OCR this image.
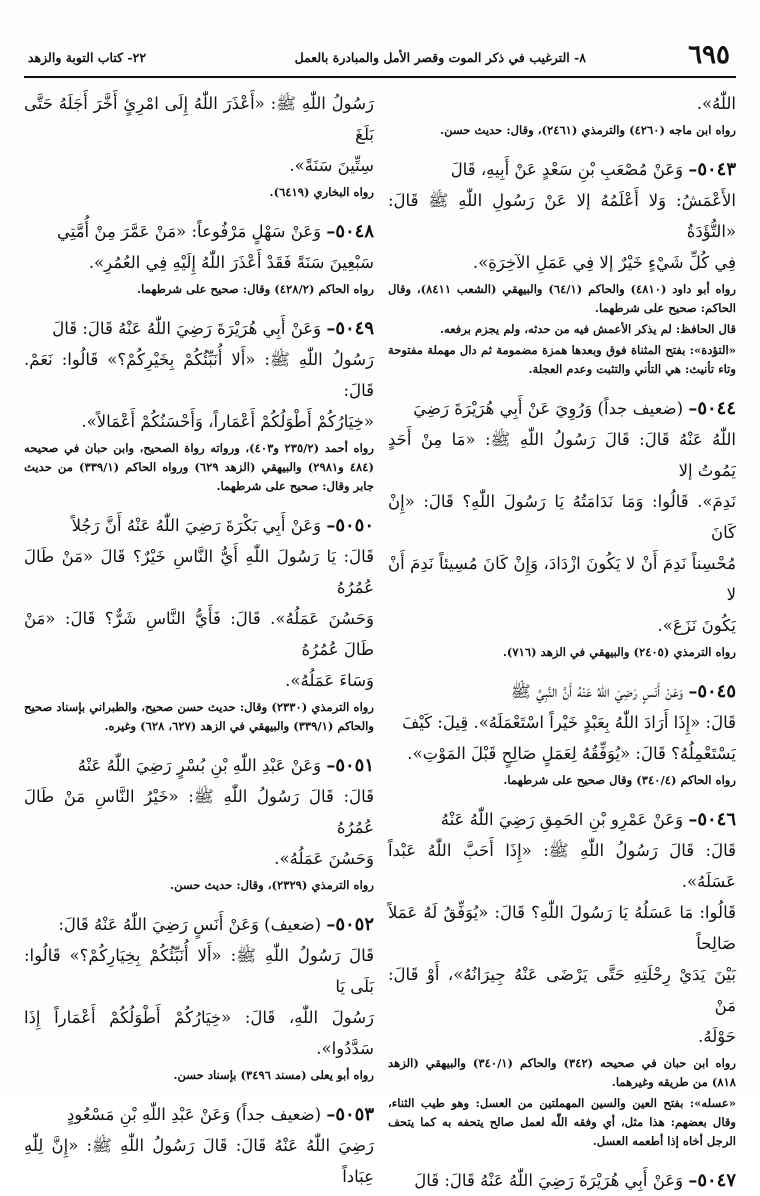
٦٩٥
٨- الترغيب في ذكر الموت وقصر الأمل والمبادرة بالعمل
٢٢- كتاب التوبة والزهد

اللّٰهُ».

رواه ابن ماجه (٤٢٦٠) والترمذي (٢٤٦١)، وقال: حديث حسن.

٥٠٤٣– وَعَنْ مُصْعَبِ بْنِ سَعْدٍ عَنْ أَبِيهِ، قَالَ

الأَعْمَشُ: وَلا أَعْلَمُهُ إلا عَنْ رَسُولِ اللّٰهِ ﷺ قَالَ: «التُّؤَدَةُ

فِي كُلِّ شَيْءٍ خَيْرٌ إلا فِي عَمَلِ الآخِرَةِ».

رواه أبو داود (٤٨١٠) والحاكم (٦٤/١) والبيهقي (الشعب ٨٤١١)، وقال الحاكم: صحيح على شرطهما.

قال الحافظ: لم يذكر الأعمش فيه من حدثه، ولم يجزم برفعه.

«التؤدة»: بفتح المثناة فوق وبعدها همزة مضمومة ثم دال مهملة مفتوحة وتاء تأنيث: هي التأني والتثبت وعدم العجلة.

٥٠٤٤– (ضعيف جداً) وَرُوِيَ عَنْ أَبِي هُرَيْرَةَ رَضِيَ

اللّٰهُ عَنْهُ قَالَ: قَالَ رَسُولُ اللّٰهِ ﷺ: «مَا مِنْ أَحَدٍ يَمُوتُ إلا

نَدِمَ». قَالُوا: وَمَا نَدَامَتُهُ يَا رَسُولَ اللّٰهِ؟ قَالَ: «إِنْ كَانَ

مُحْسِناً نَدِمَ أَنْ لا يَكُونَ ازْدَادَ، وَإِنْ كَانَ مُسِيئاً نَدِمَ أَنْ لا

يَكُونَ نَزَعَ».

رواه الترمذي (٢٤٠٥) والبيهقي في الزهد (٧١٦).

٥٠٤٥– وَعَنْ أَنَسٍ رَضِيَ اللّٰهُ عَنْهُ أَنَّ النَّبِيَّ ﷺ

قَالَ: «إِذَا أَرَادَ اللّٰهُ بِعَبْدٍ خَيْراً اسْتَعْمَلَهُ». قِيلَ: كَيْفَ

يَسْتَعْمِلُهُ؟ قَالَ: «يُوَفِّقُهُ لِعَمَلٍ صَالِحٍ قَبْلَ المَوْتِ».

رواه الحاكم (٣٤٠/٤) وقال صحيح على شرطهما.

٥٠٤٦– وَعَنْ عَمْرِو بْنِ الحَمِقِ رَضِيَ اللّٰهُ عَنْهُ

قَالَ: قَالَ رَسُولُ اللّٰهِ ﷺ: «إِذَا أَحَبَّ اللّٰهُ عَبْداً عَسَلَهُ».

قَالُوا: مَا عَسَلُهُ يَا رَسُولَ اللّٰهِ؟ قَالَ: «يُوَفِّقُ لَهُ عَمَلاً صَالِحاً

بَيْنَ يَدَيْ رِحْلَتِهِ حَتَّى يَرْضَى عَنْهُ جِيرَانُهُ»، أَوْ قَالَ: مَنْ

حَوْلَهُ.

رواه ابن حبان في صحيحه (٣٤٢) والحاكم (٣٤٠/١) والبيهقي (الزهد ٨١٨) من طريقه وغيرهما.

«عسله»: بفتح العين والسين المهملتين من العسل: وهو طيب الثناء، وقال بعضهم: هذا مثل، أي وفقه اللّٰه لعمل صالح يتحفه به كما يتحف الرجل أخاه إذا أطعمه العسل.

٥٠٤٧– وَعَنْ أَبِي هُرَيْرَةَ رَضِيَ اللّٰهُ عَنْهُ قَالَ: قَالَ

رَسُولُ اللّٰهِ ﷺ: «أَعْذَرَ اللّٰهُ إِلَى امْرِئٍ أَخَّرَ أَجَلَهُ حَتَّى بَلَغَ

سِتِّينَ سَنَةً».

رواه البخاري (٦٤١٩).

٥٠٤٨– وَعَنْ سَهْلٍ مَرْفُوعاً: «مَنْ عَمَّرَ مِنْ أُمَّتِي

سَبْعِينَ سَنَةً فَقَدْ أَعْذَرَ اللّٰهُ إِلَيْهِ فِي العُمُرِ».

رواه الحاكم (٤٢٨/٢) وقال: صحيح على شرطهما.

٥٠٤٩– وَعَنْ أَبِي هُرَيْرَةَ رَضِيَ اللّٰهُ عَنْهُ قَالَ: قَالَ

رَسُولُ اللّٰهِ ﷺ: «أَلا أُنَبِّئُكُمْ بِخَيْرِكُمْ؟» قَالُوا: نَعَمْ. قَالَ:

«خِيَارُكُمْ أَطْوَلُكُمْ أَعْمَاراً، وَأَحْسَنُكُمْ أَعْمَالاً».

رواه أحمد (٢٣٥/٢ و٤٠٣)، ورواته رواة الصحيح، وابن حبان في صحيحه (٤٨٤ و٢٩٨١) والبيهقي (الزهد ٦٢٩) ورواه الحاكم (٣٣٩/١) من حديث جابر وقال: صحيح على شرطهما.

٥٠٥٠– وَعَنْ أَبِي بَكْرَةَ رَضِيَ اللّٰهُ عَنْهُ أَنَّ رَجُلاً

قَالَ: يَا رَسُولَ اللّٰهِ أَيُّ النَّاسِ خَيْرٌ؟ قَالَ «مَنْ طَالَ عُمُرُهُ

وَحَسُنَ عَمَلُهُ». قَالَ: فَأَيُّ النَّاسِ شَرٌّ؟ قَالَ: «مَنْ طَالَ عُمُرُهُ

وَسَاءَ عَمَلُهُ».

رواه الترمذي (٢٣٣٠) وقال: حديث حسن صحيح، والطبراني بإسناد صحيح والحاكم (٣٣٩/١) والبيهقي في الزهد (٦٢٧، ٦٢٨) وغيره.

٥٠٥١– وَعَنْ عَبْدِ اللّٰهِ بْنِ بُسْرٍ رَضِيَ اللّٰهُ عَنْهُ

قَالَ: قَالَ رَسُولُ اللّٰهِ ﷺ: «خَيْرُ النَّاسِ مَنْ طَالَ عُمُرُهُ

وَحَسُنَ عَمَلُهُ».

رواه الترمذي (٢٣٢٩)، وقال: حديث حسن.

٥٠٥٢– (ضعيف) وَعَنْ أَنَسٍ رَضِيَ اللّٰهُ عَنْهُ قَالَ:

قَالَ رَسُولُ اللّٰهِ ﷺ: «أَلا أُنَبِّئُكُمْ بِخِيَارِكُمْ؟» قَالُوا: بَلَى يَا

رَسُولَ اللّٰهِ، قَالَ: «خِيَارُكُمْ أَطْوَلُكُمْ أَعْمَاراً إِذَا سَدَّدُوا».

رواه أبو يعلى (مسند ٣٤٩٦) بإسناد حسن.

٥٠٥٣– (ضعيف جداً) وَعَنْ عَبْدِ اللّٰهِ بْنِ مَسْعُودٍ

رَضِيَ اللّٰهُ عَنْهُ قَالَ: قَالَ رَسُولُ اللّٰهِ ﷺ: «إِنَّ لِلّٰهِ عِبَاداً
